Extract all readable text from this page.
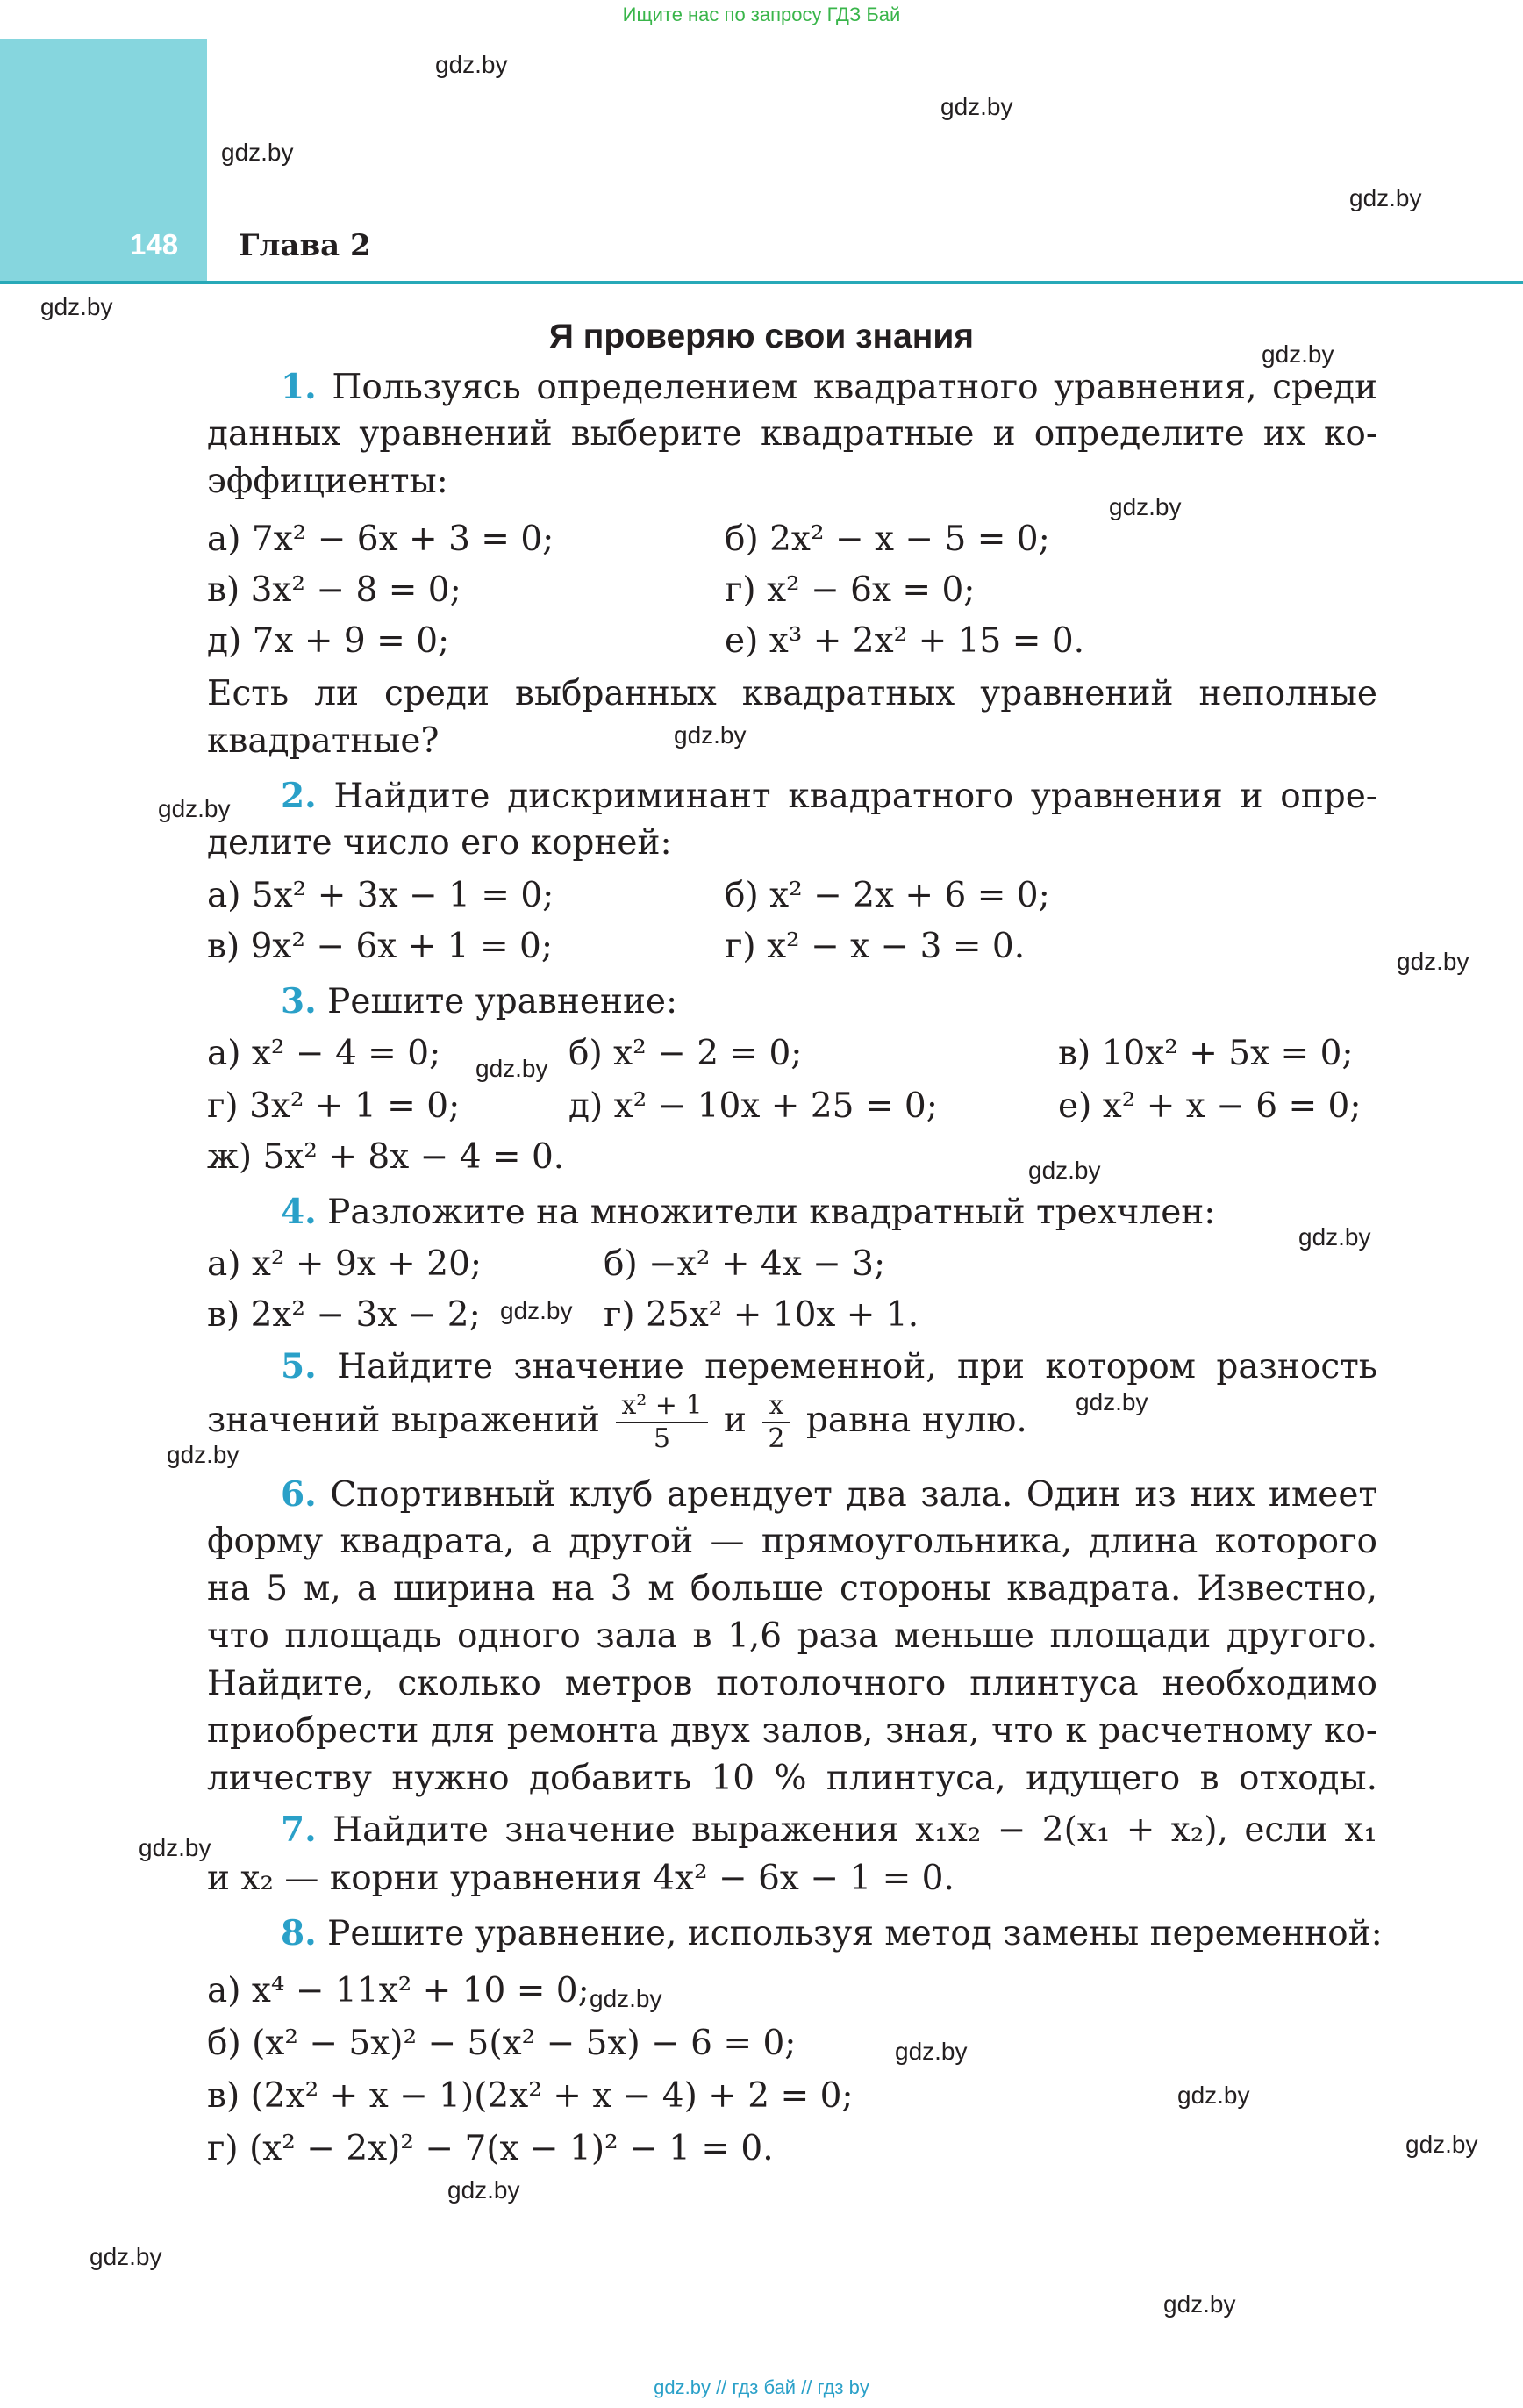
Ищите нас по запросу ГДЗ Бай
148 Глава 2
gdz.by
gdz.by
gdz.by
gdz.by
gdz.by
gdz.by
gdz.by
gdz.by
gdz.by
gdz.by
gdz.by
gdz.by
gdz.by
gdz.by
gdz.by
gdz.by
gdz.by
gdz.by
gdz.by
gdz.by
gdz.by
gdz.by
gdz.by
gdz.by
Я проверяю свои знания
1. Пользуясь определением квадратного уравнения, среди
данных уравнений выберите квадратные и определите их ко-
эффициенты:
а) 7x² − 6x + 3 = 0;	б) 2x² − x − 5 = 0;
в) 3x² − 8 = 0;	г) x² − 6x = 0;
д) 7x + 9 = 0;	е) x³ + 2x² + 15 = 0.
Есть ли среди выбранных квадратных уравнений неполные
квадратные?
2. Найдите дискриминант квадратного уравнения и опре-
делите число его корней:
а) 5x² + 3x − 1 = 0;	б) x² − 2x + 6 = 0;
в) 9x² − 6x + 1 = 0;	г) x² − x − 3 = 0.
3. Решите уравнение:
а) x² − 4 = 0;	б) x² − 2 = 0;	в) 10x² + 5x = 0;
г) 3x² + 1 = 0;	д) x² − 10x + 25 = 0;	е) x² + x − 6 = 0;
ж) 5x² + 8x − 4 = 0.
4. Разложите на множители квадратный трехчлен:
а) x² + 9x + 20;	б) −x² + 4x − 3;
в) 2x² − 3x − 2;	г) 25x² + 10x + 1.
5. Найдите значение переменной, при котором разность
значений выражений $\frac{\text{x² + 1}}{5}$ и $\frac{x}{2}$ равна нулю.
6. Спортивный клуб арендует два зала. Один из них имеет
форму квадрата, а другой — прямоугольника, длина которого
на 5 м, а ширина на 3 м больше стороны квадрата. Известно,
что площадь одного зала в 1,6 раза меньше площади другого.
Найдите, сколько метров потолочного плинтуса необходимо
приобрести для ремонта двух залов, зная, что к расчетному ко-
личеству нужно добавить 10 % плинтуса, идущего в отходы.
7. Найдите значение выражения x₁x₂ − 2(x₁ + x₂), если x₁
и x₂ — корни уравнения 4x² − 6x − 1 = 0.
8. Решите уравнение, используя метод замены переменной:
а) x⁴ − 11x² + 10 = 0;
б) (x² − 5x)² − 5(x² − 5x) − 6 = 0;
в) (2x² + x − 1)(2x² + x − 4) + 2 = 0;
г) (x² − 2x)² − 7(x − 1)² − 1 = 0.
gdz.by // гдз бай // гдз by
